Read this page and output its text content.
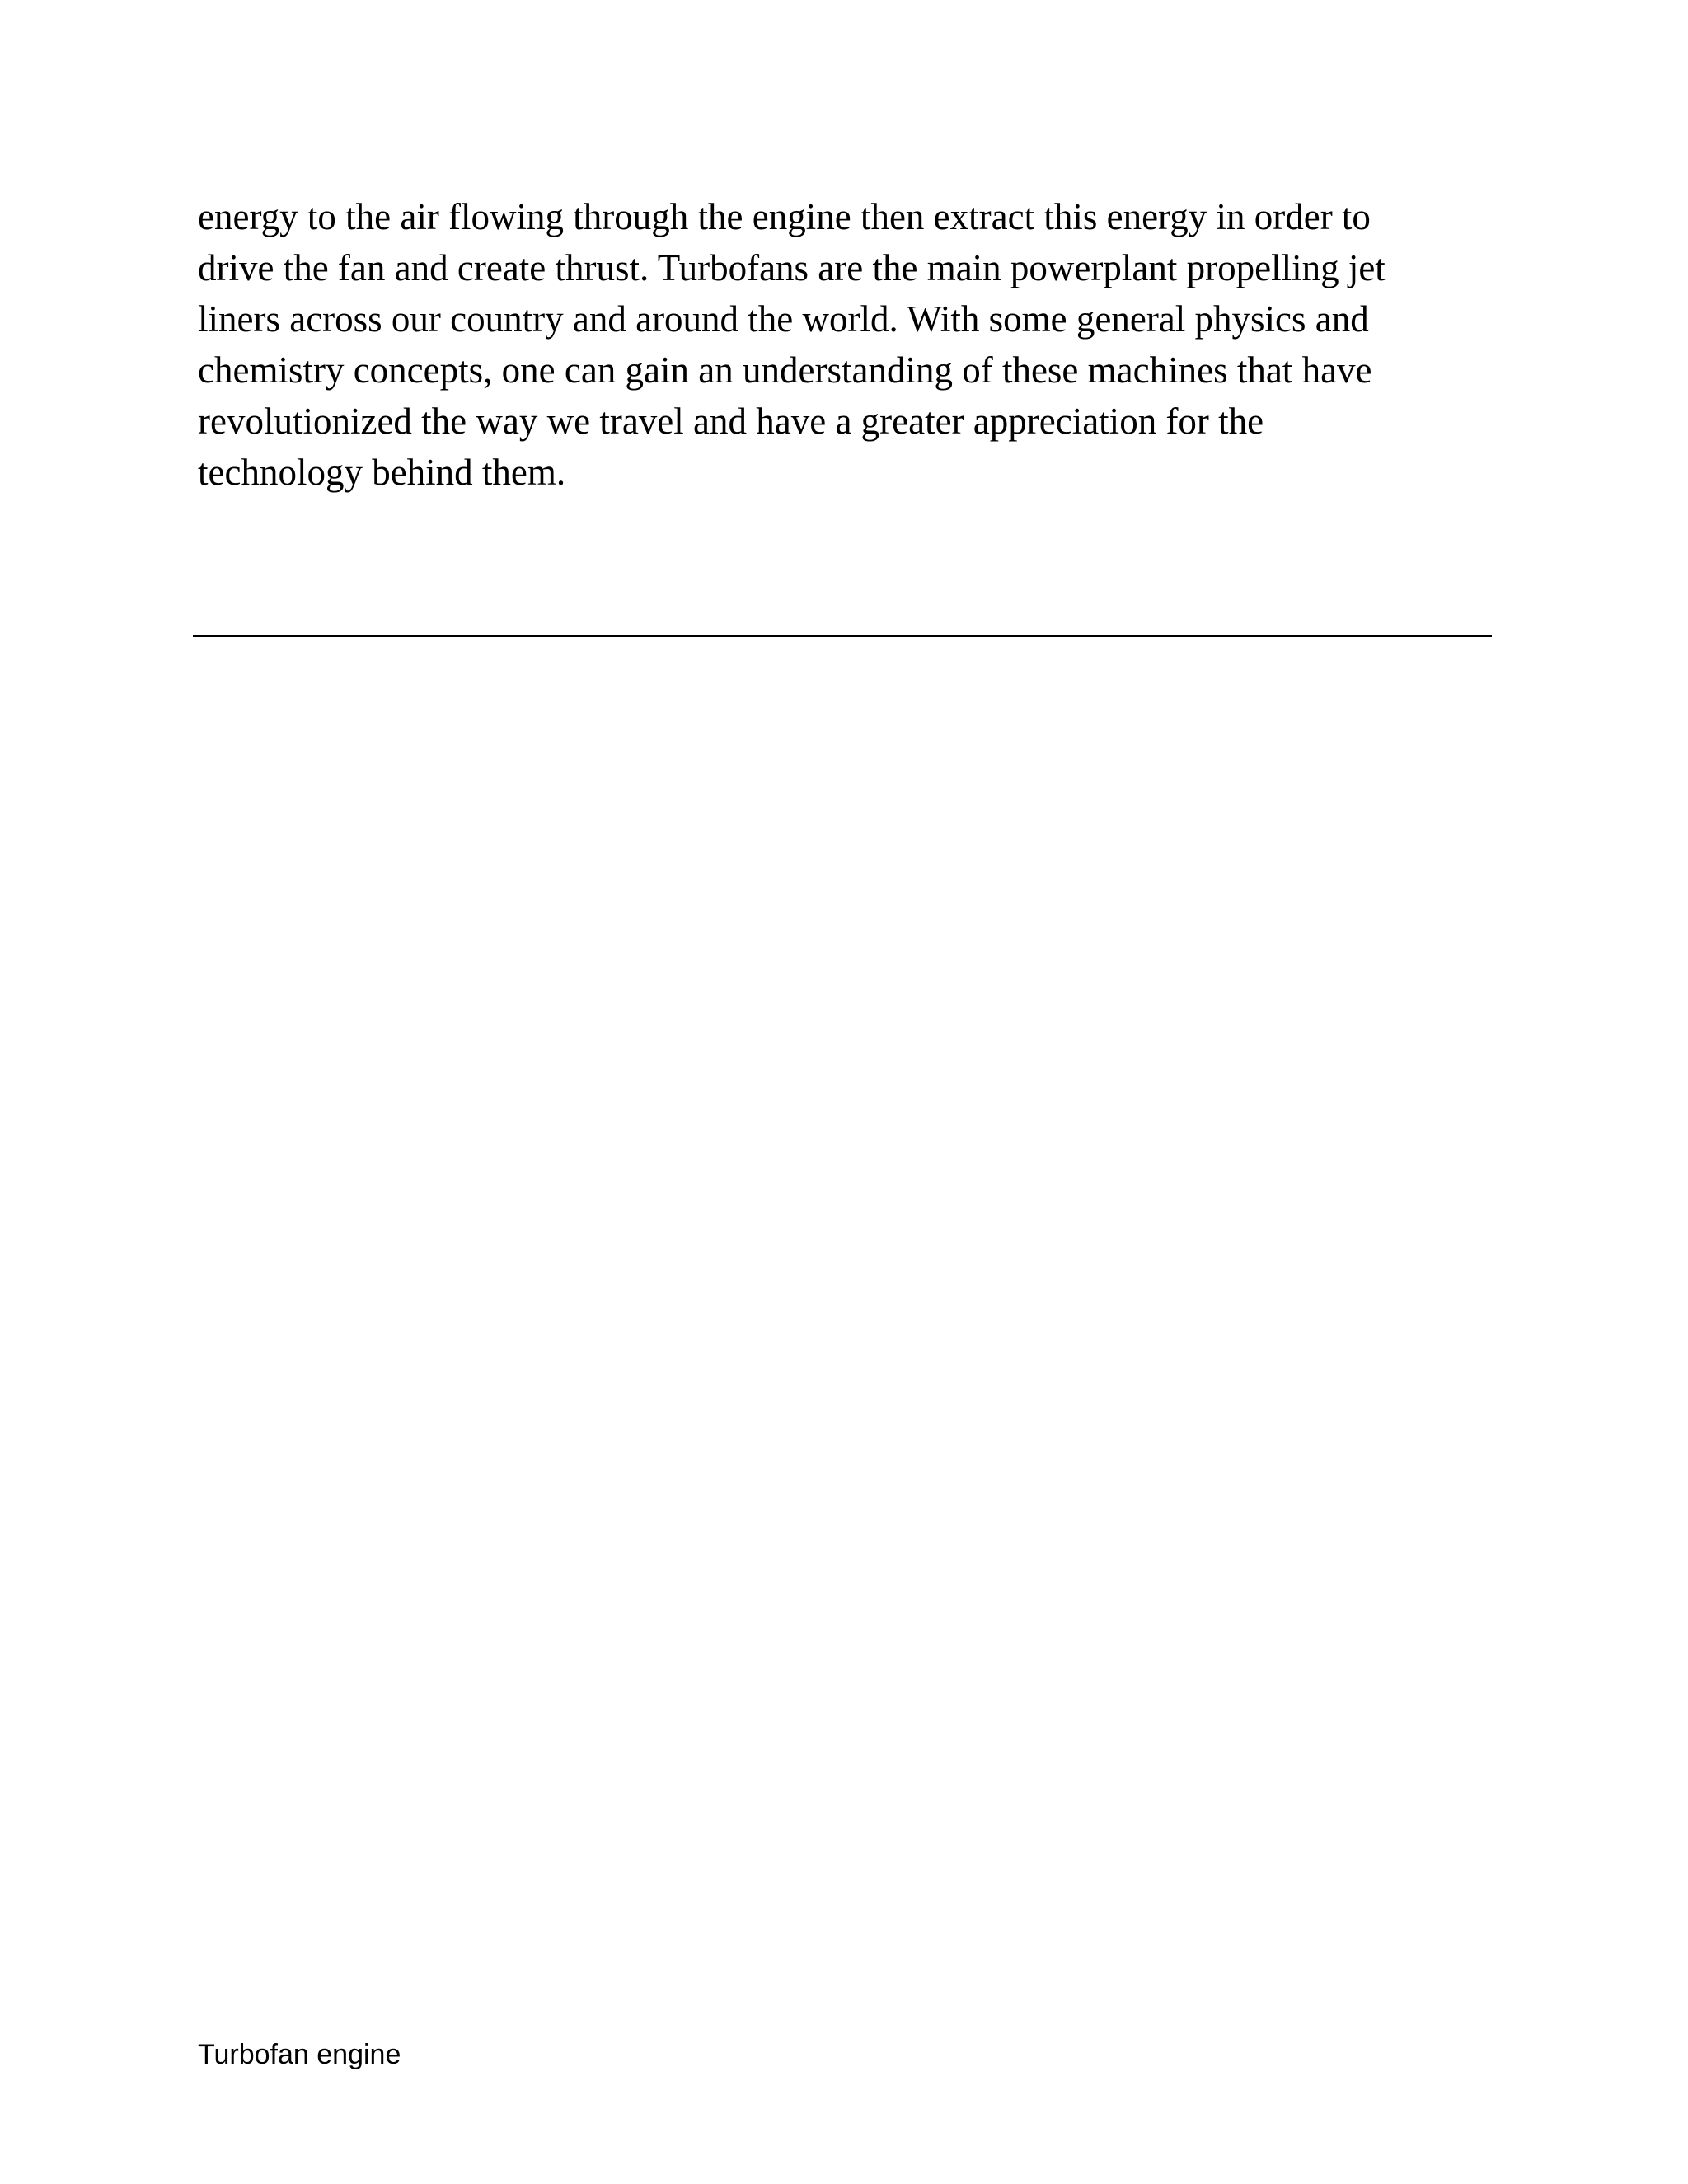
energy to the air flowing through the engine then extract this energy in order to
drive the fan and create thrust. Turbofans are the main powerplant propelling jet
liners across our country and around the world. With some general physics and
chemistry concepts, one can gain an understanding of these machines that have
revolutionized the way we travel and have a greater appreciation for the
technology behind them.

Turbofan engine
